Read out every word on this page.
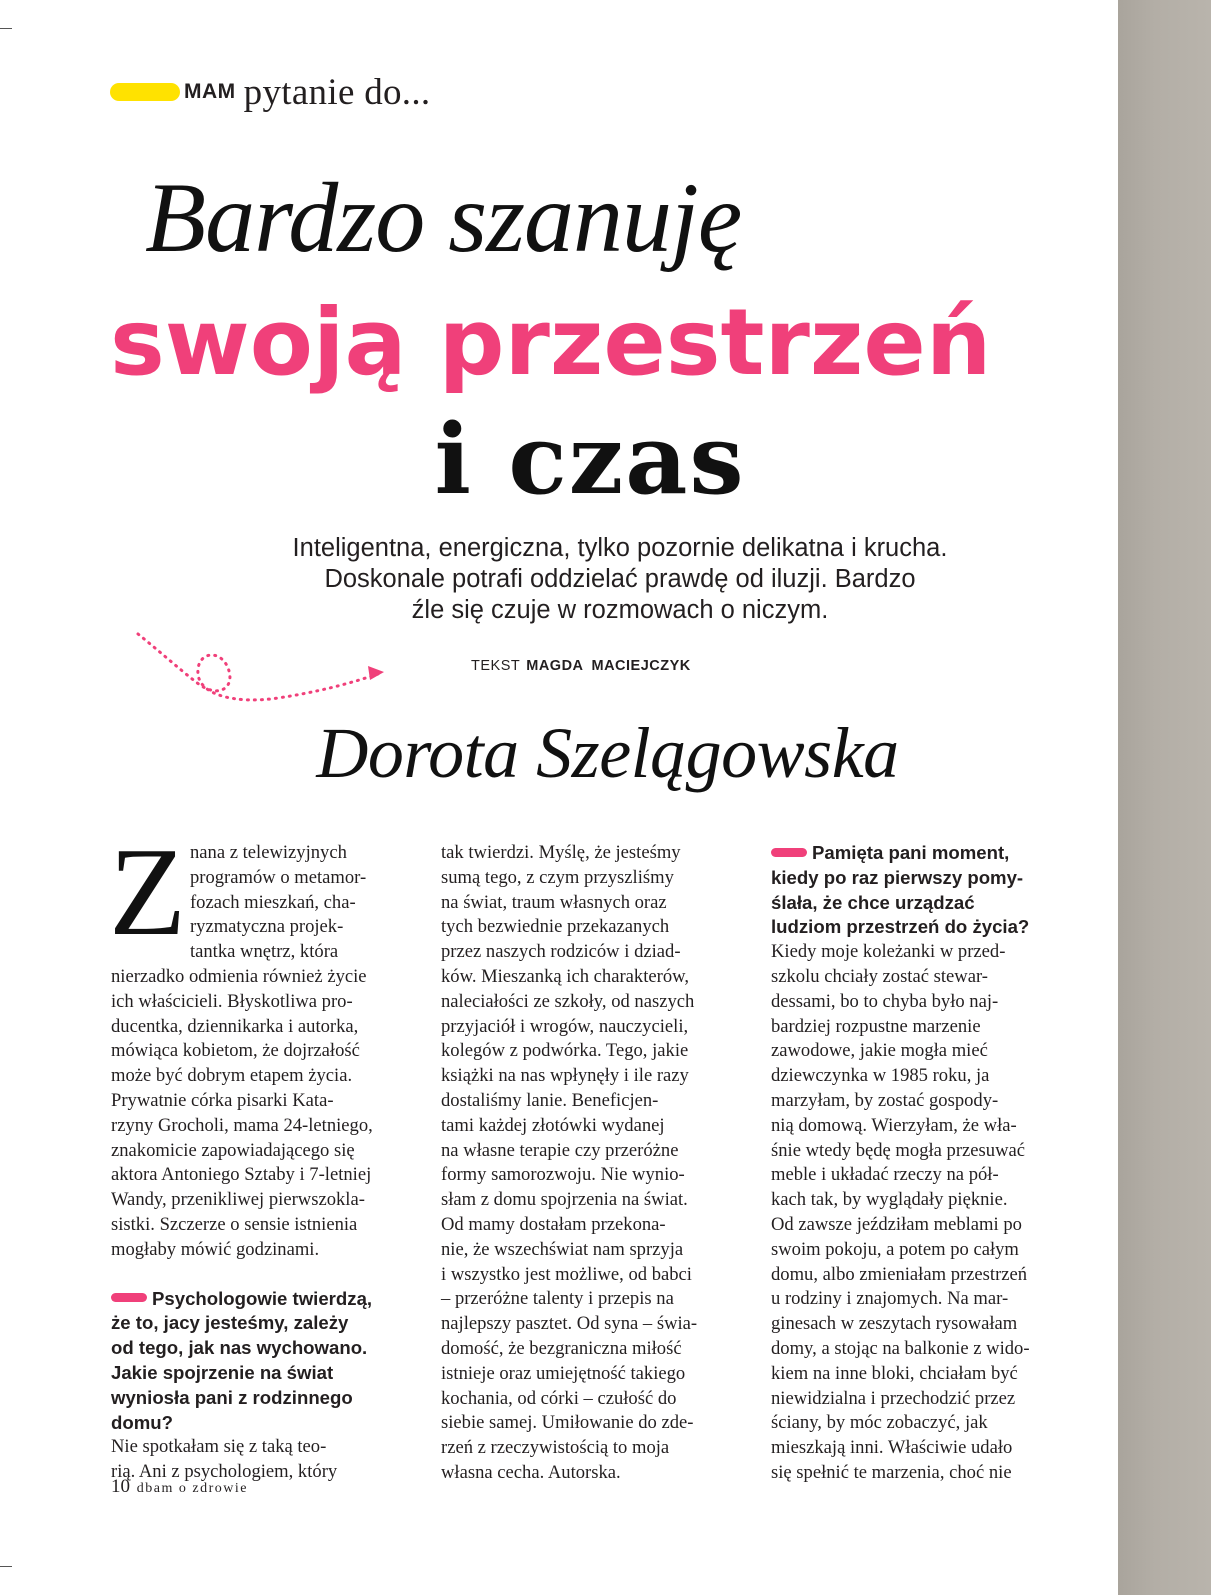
MAM pytanie do...
Bardzo szanuję
swoją przestrzeń
i czas
Inteligentna, energiczna, tylko pozornie delikatna i krucha.
Doskonale potrafi oddzielać prawdę od iluzji. Bardzo
źle się czuje w rozmowach o niczym.
TEKST MAGDA MACIEJCZYK
Dorota Szelągowska
Z nana z telewizyjnych
programów o metamor-
fozach mieszkań, cha-
ryzmatyczna projek-
tantka wnętrz, która
nierzadko odmienia również życie
ich właścicieli. Błyskotliwa pro-
ducentka, dziennikarka i autorka,
mówiąca kobietom, że dojrzałość
może być dobrym etapem życia.
Prywatnie córka pisarki Kata-
rzyny Grocholi, mama 24-letniego,
znakomicie zapowiadającego się
aktora Antoniego Sztaby i 7-letniej
Wandy, przenikliwej pierwszokla-
sistki. Szczerze o sensie istnienia
mogłaby mówić godzinami.
Psychologowie twierdzą,
że to, jacy jesteśmy, zależy
od tego, jak nas wychowano.
Jakie spojrzenie na świat
wyniosła pani z rodzinnego
domu?
Nie spotkałam się z taką teo-
rią. Ani z psychologiem, który
tak twierdzi. Myślę, że jesteśmy
sumą tego, z czym przyszliśmy
na świat, traum własnych oraz
tych bezwiednie przekazanych
przez naszych rodziców i dziad-
ków. Mieszanką ich charakterów,
naleciałości ze szkoły, od naszych
przyjaciół i wrogów, nauczycieli,
kolegów z podwórka. Tego, jakie
książki na nas wpłynęły i ile razy
dostaliśmy lanie. Beneficjen-
tami każdej złotówki wydanej
na własne terapie czy przeróżne
formy samorozwoju. Nie wynio-
słam z domu spojrzenia na świat.
Od mamy dostałam przekona-
nie, że wszechświat nam sprzyja
i wszystko jest możliwe, od babci
– przeróżne talenty i przepis na
najlepszy pasztet. Od syna – świa-
domość, że bezgraniczna miłość
istnieje oraz umiejętność takiego
kochania, od córki – czułość do
siebie samej. Umiłowanie do zde-
rzeń z rzeczywistością to moja
własna cecha. Autorska.
Pamięta pani moment,
kiedy po raz pierwszy pomy-
ślała, że chce urządzać
ludziom przestrzeń do życia?
Kiedy moje koleżanki w przed-
szkolu chciały zostać stewar-
dessami, bo to chyba było naj-
bardziej rozpustne marzenie
zawodowe, jakie mogła mieć
dziewczynka w 1985 roku, ja
marzyłam, by zostać gospody-
nią domową. Wierzyłam, że wła-
śnie wtedy będę mogła przesuwać
meble i układać rzeczy na pół-
kach tak, by wyglądały pięknie.
Od zawsze jeździłam meblami po
swoim pokoju, a potem po całym
domu, albo zmieniałam przestrzeń
u rodziny i znajomych. Na mar-
ginesach w zeszytach rysowałam
domy, a stojąc na balkonie z wido-
kiem na inne bloki, chciałam być
niewidzialna i przechodzić przez
ściany, by móc zobaczyć, jak
mieszkają inni. Właściwie udało
się spełnić te marzenia, choć nie
10 dbam o zdrowie
